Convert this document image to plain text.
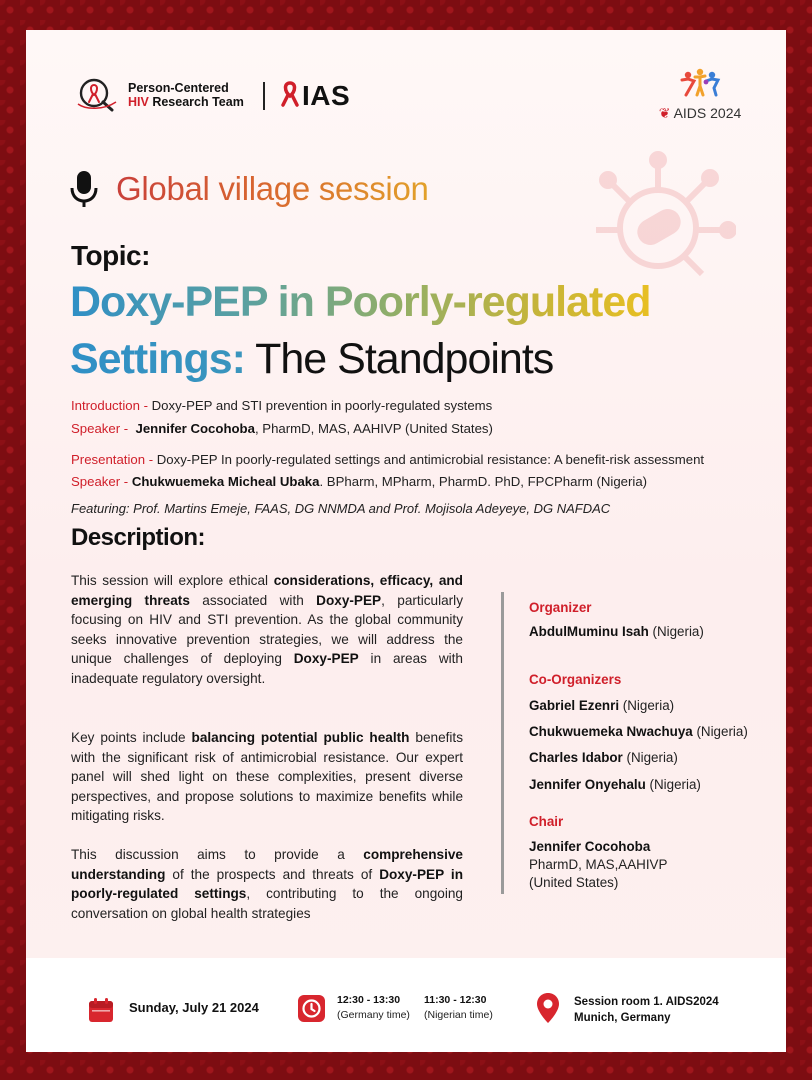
Person-Centered
HIV Research Team IAS
❦ AIDS 2024
Global village session
Topic:
Doxy-PEP in Poorly-regulated
Settings: The Standpoints
Introduction - Doxy-PEP and STI prevention in poorly-regulated systems
Speaker -  Jennifer Cocohoba, PharmD, MAS, AAHIVP (United States)
Presentation - Doxy-PEP In poorly-regulated settings and antimicrobial resistance: A benefit-risk assessment
Speaker - Chukwuemeka Micheal Ubaka. BPharm, MPharm, PharmD. PhD, FPCPharm (Nigeria)
Featuring: Prof. Martins Emeje, FAAS, DG NNMDA and Prof. Mojisola Adeyeye, DG NAFDAC
Description:
This session will explore ethical considerations, efficacy, and emerging threats associated with Doxy-PEP, particularly focusing on HIV and STI prevention. As the global community seeks innovative prevention strategies, we will address the unique challenges of deploying Doxy-PEP in areas with inadequate regulatory oversight.
Key points include balancing potential public health benefits with the significant risk of antimicrobial resistance. Our expert panel will shed light on these complexities, present diverse perspectives, and propose solutions to maximize benefits while mitigating risks.
This discussion aims to provide a comprehensive understanding of the prospects and threats of Doxy-PEP in poorly-regulated settings, contributing to the ongoing conversation on global health strategies
Organizer
AbdulMuminu Isah (Nigeria)
Co-Organizers
Gabriel Ezenri (Nigeria)
Chukwuemeka Nwachuya (Nigeria)
Charles Idabor (Nigeria)
Jennifer Onyehalu (Nigeria)
Chair
Jennifer Cocohoba
PharmD, MAS,AAHIVP
(United States)
Sunday, July 21 2024	12:30 - 13:30
(Germany time)
11:30 - 12:30
(Nigerian time)
Session room 1. AIDS2024
Munich, Germany
